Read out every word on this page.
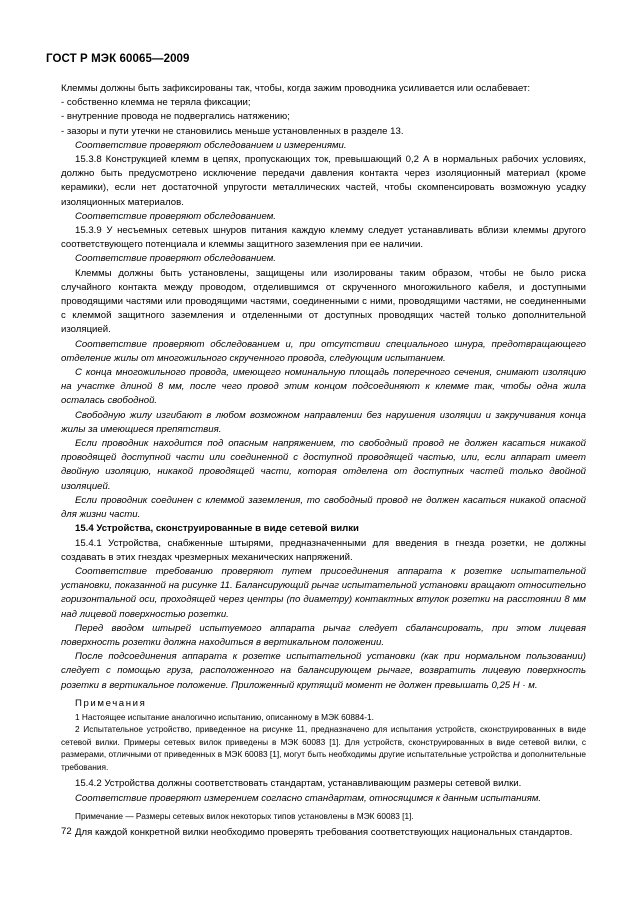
ГОСТ Р МЭК 60065—2009

Клеммы должны быть зафиксированы так, чтобы, когда зажим проводника усиливается или ослабевает:

- собственно клемма не теряла фиксации;

- внутренние провода не подвергались натяжению;

- зазоры и пути утечки не становились меньше установленных в разделе 13.

Соответствие проверяют обследованием и измерениями.

15.3.8 Конструкцией клемм в цепях, пропускающих ток, превышающий 0,2 А в нормальных рабочих условиях, должно быть предусмотрено исключение передачи давления контакта через изоляционный материал (кроме керамики), если нет достаточной упругости металлических частей, чтобы скомпенсировать возможную усадку изоляционных материалов.

Соответствие проверяют обследованием.

15.3.9 У несъемных сетевых шнуров питания каждую клемму следует устанавливать вблизи клеммы другого соответствующего потенциала и клеммы защитного заземления при ее наличии.

Соответствие проверяют обследованием.

Клеммы должны быть установлены, защищены или изолированы таким образом, чтобы не было риска случайного контакта между проводом, отделившимся от скрученного многожильного кабеля, и доступными проводящими частями или проводящими частями, соединенными с ними, проводящими частями, не соединенными с клеммой защитного заземления и отделенными от доступных проводящих частей только дополнительной изоляцией.

Соответствие проверяют обследованием и, при отсутствии специального шнура, предотвращающего отделение жилы от многожильного скрученного провода, следующим испытанием.

С конца многожильного провода, имеющего номинальную площадь поперечного сечения, снимают изоляцию на участке длиной 8 мм, после чего провод этим концом подсоединяют к клемме так, чтобы одна жила осталась свободной.

Свободную жилу изгибают в любом возможном направлении без нарушения изоляции и закручивания конца жилы за имеющиеся препятствия.

Если проводник находится под опасным напряжением, то свободный провод не должен касаться никакой проводящей доступной части или соединенной с доступной проводящей частью, или, если аппарат имеет двойную изоляцию, никакой проводящей части, которая отделена от доступных частей только двойной изоляцией.

Если проводник соединен с клеммой заземления, то свободный провод не должен касаться никакой опасной для жизни части.

15.4 Устройства, сконструированные в виде сетевой вилки

15.4.1 Устройства, снабженные штырями, предназначенными для введения в гнезда розетки, не должны создавать в этих гнездах чрезмерных механических напряжений.

Соответствие требованию проверяют путем присоединения аппарата к розетке испытательной установки, показанной на рисунке 11. Балансирующий рычаг испытательной установки вращают относительно горизонтальной оси, проходящей через центры (по диаметру) контактных втулок розетки на расстоянии 8 мм над лицевой поверхностью розетки.

Перед вводом штырей испытуемого аппарата рычаг следует сбалансировать, при этом лицевая поверхность розетки должна находиться в вертикальном положении.

После подсоединения аппарата к розетке испытательной установки (как при нормальном пользовании) следует с помощью груза, расположенного на балансирующем рычаге, возвратить лицевую поверхность розетки в вертикальное положение. Приложенный крутящий момент не должен превышать 0,25 Н · м.

Примечания

1 Настоящее испытание аналогично испытанию, описанному в МЭК 60884-1.

2 Испытательное устройство, приведенное на рисунке 11, предназначено для испытания устройств, сконструированных в виде сетевой вилки. Примеры сетевых вилок приведены в МЭК 60083 [1]. Для устройств, сконструированных в виде сетевой вилки, с размерами, отличными от приведенных в МЭК 60083 [1], могут быть необходимы другие испытательные устройства и дополнительные требования.

15.4.2 Устройства должны соответствовать стандартам, устанавливающим размеры сетевой вилки.

Соответствие проверяют измерением согласно стандартам, относящимся к данным испытаниям.

Примечание — Размеры сетевых вилок некоторых типов установлены в МЭК 60083 [1].

Для каждой конкретной вилки необходимо проверять требования соответствующих национальных стандартов.

72
